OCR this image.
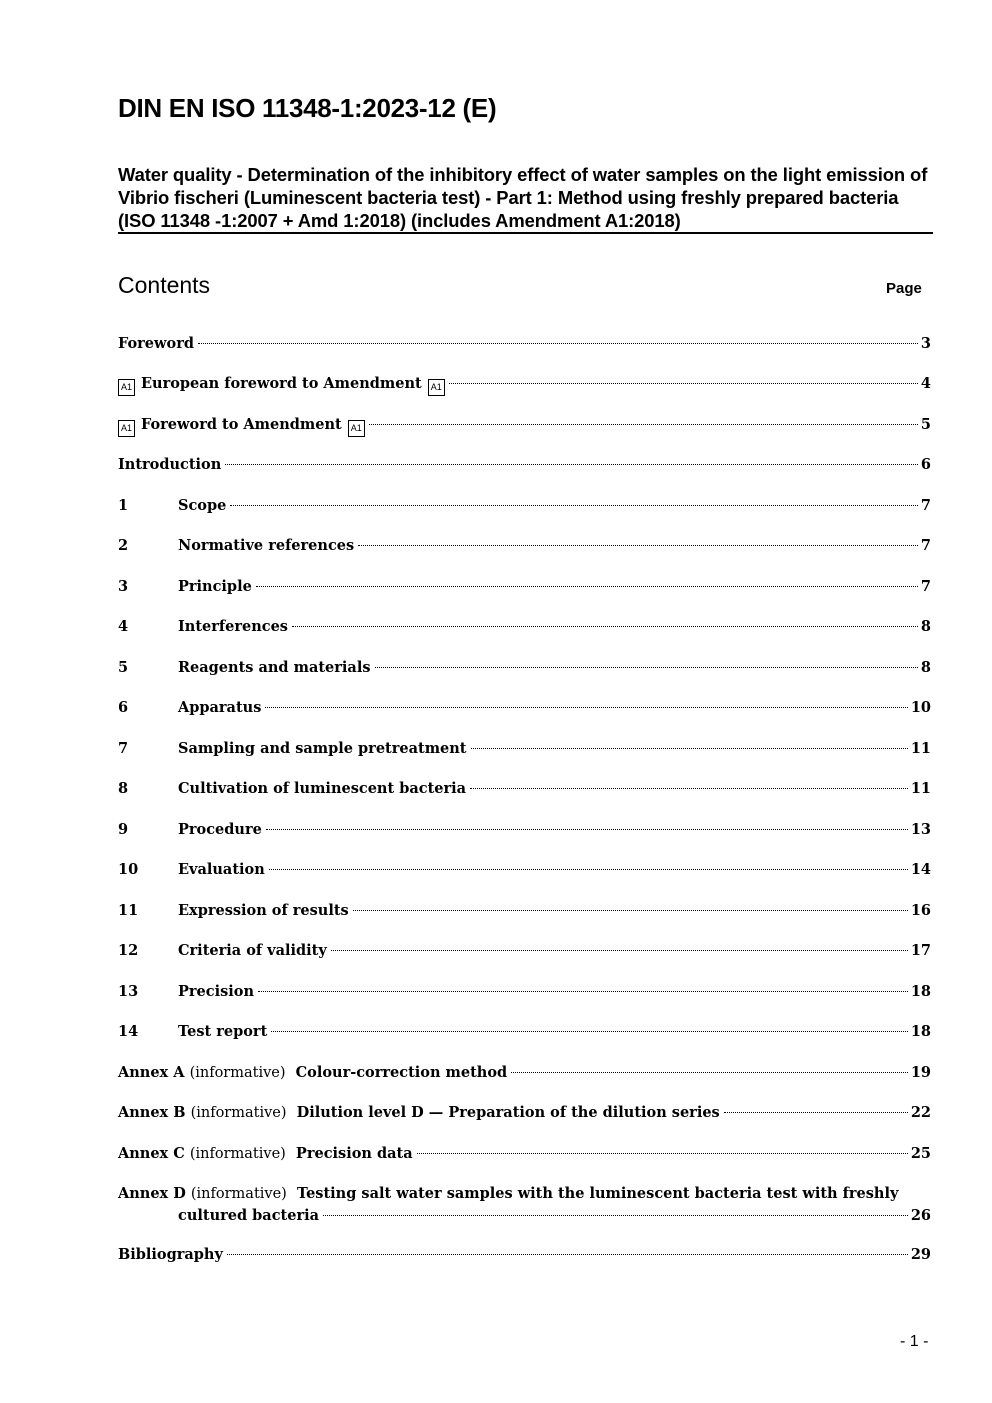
DIN EN ISO 11348-1:2023-12 (E)
Water quality - Determination of the inhibitory effect of water samples on the light emission of Vibrio fischeri (Luminescent bacteria test) - Part 1: Method using freshly prepared bacteria (ISO 11348 -1:2007 + Amd 1:2018) (includes Amendment A1:2018)
Contents	Page
Foreword	3
A1 European foreword to Amendment A1	4
A1 Foreword to Amendment A1	5
Introduction	6
1	Scope	7
2	Normative references	7
3	Principle	7
4	Interferences	8
5	Reagents and materials	8
6	Apparatus	10
7	Sampling and sample pretreatment	11
8	Cultivation of luminescent bacteria	11
9	Procedure	13
10	Evaluation	14
11	Expression of results	16
12	Criteria of validity	17
13	Precision	18
14	Test report	18
Annex A (informative) Colour-correction method	19
Annex B (informative) Dilution level D — Preparation of the dilution series	22
Annex C (informative) Precision data	25
Annex D (informative) Testing salt water samples with the luminescent bacteria test with freshly
cultured bacteria	26
Bibliography	29
- 1 -
